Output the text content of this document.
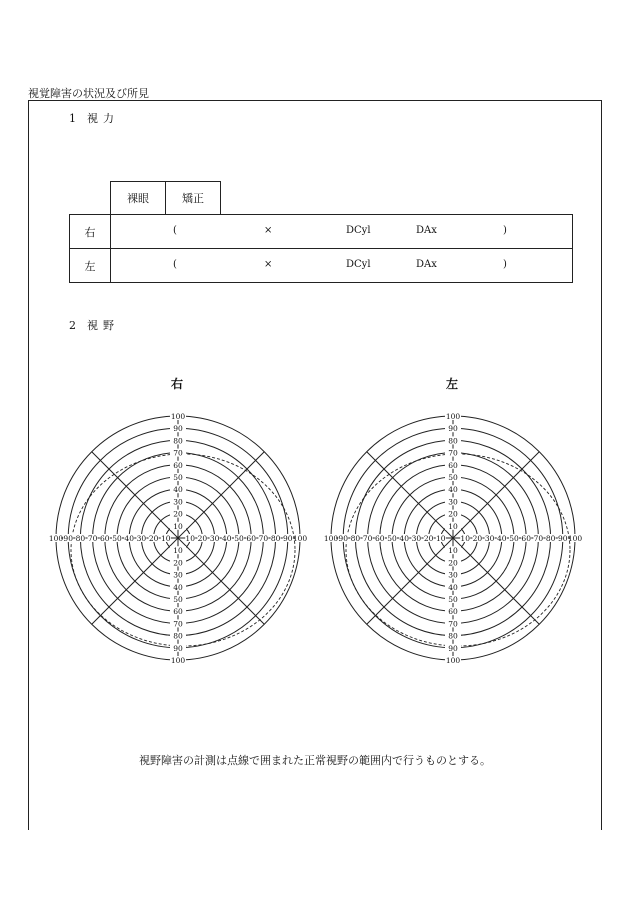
視覚障害の状況及び所見
1 視 力
裸眼	矯正
右	( × DCyl DAx )

左	( × DCyl DAx )
2 視 野
右	左
10
10
10 10
20
20
20	20
30
30
30	30
40
40
40	40
50
50
50	50
60
60
60	60
70
70
70	70
80
80
80	80
90
90
90	90
100
100
100	100
10
10
10 10
20
20
20	20
30
30
30	30
40
40
40	40
50
50
50	50
60
60
60	60
70
70
70	70
80
80
80	80
90
90
90	90
100
100
100	100
視野障害の計測は点線で囲まれた正常視野の範囲内で行うものとする。
